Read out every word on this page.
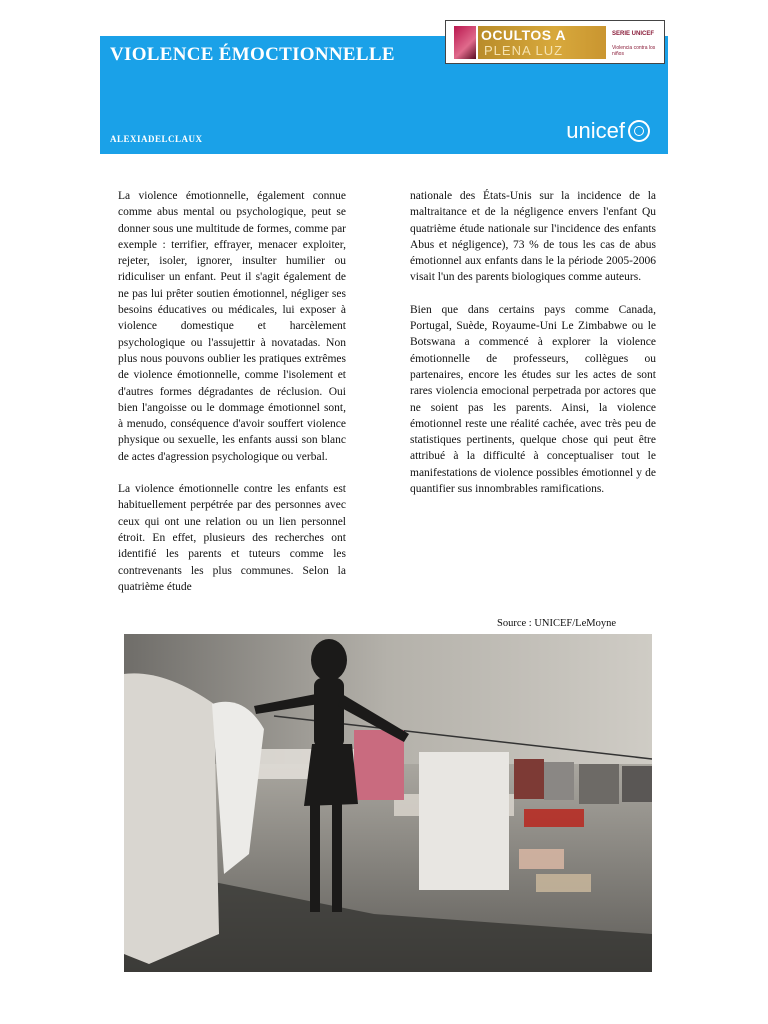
VIOLENCE ÉMOCTIONNELLE
ALEXIADELCLAUX	unicef
OCULTOS A
PLENA LUZ
SERIE UNICEF
Violencia contra los niños

La violence émotionnelle, également connue comme abus mental ou psychologique, peut se donner sous une multitude de formes, comme par exemple : terrifier, effrayer, menacer exploiter, rejeter, isoler, ignorer, insulter humilier ou ridiculiser un enfant. Peut il s'agit également de ne pas lui prêter soutien émotionnel, négliger ses besoins éducatives ou médicales, lui exposer à violence domestique et harcèlement psychologique ou l'assujettir à novatadas. Non plus nous pouvons oublier les pratiques extrêmes de violence émotionnelle, comme l'isolement et d'autres formes dégradantes de réclusion. Oui bien l'angoisse ou le dommage émotionnel sont, à menudo, conséquence d'avoir souffert violence physique ou sexuelle, les enfants aussi son blanc de actes d'agression psychologique ou verbal.

La violence émotionnelle contre les enfants est habituellement perpétrée par des personnes avec ceux qui ont une relation ou un lien personnel étroit. En effet, plusieurs des recherches ont identifié les parents et tuteurs comme les contrevenants les plus communes. Selon la quatrième étude

nationale des États-Unis sur la incidence de la maltraitance et de la négligence envers l'enfant Qu quatrième étude nationale sur l'incidence des enfants Abus et négligence), 73 % de tous les cas de abus émotionnel aux enfants dans le la période 2005-2006 visait l'un des parents biologiques comme auteurs.

Bien que dans certains pays comme Canada, Portugal, Suède, Royaume-Uni Le Zimbabwe ou le Botswana a commencé à explorer la violence émotionnelle de professeurs, collègues ou partenaires, encore les études sur les actes de sont rares violencia emocional perpetrada por actores que ne soient pas les parents. Ainsi, la violence émotionnel reste une réalité cachée, avec très peu de statistiques pertinents, quelque chose qui peut être attribué à la difficulté à conceptualiser tout le manifestations de violence possibles émotionnel y de quantifier sus innombrables ramifications.

Source : UNICEF/LeMoyne
